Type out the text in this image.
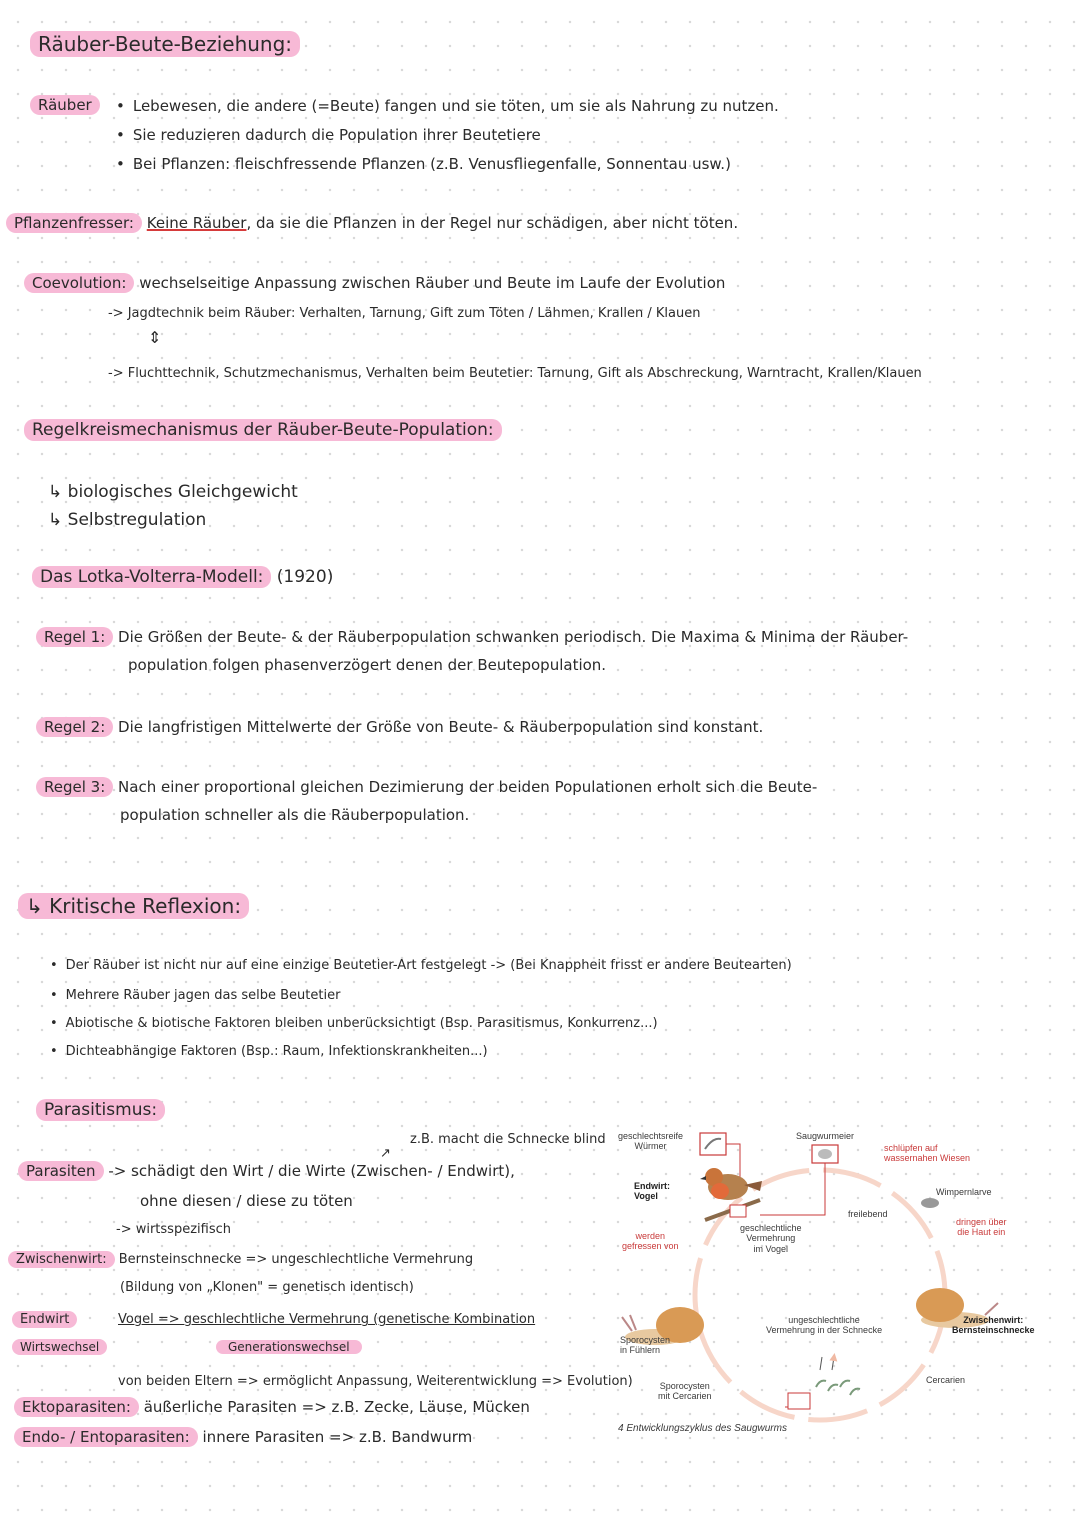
Räuber-Beute-Beziehung:
Räuber
•	Lebewesen, die andere (=Beute) fangen und sie töten, um sie als Nahrung zu nutzen.
• Sie reduzieren dadurch die Population ihrer Beutetiere
• Bei Pflanzen: fleischfressende Pflanzen (z.B. Venusfliegenfalle, Sonnentau usw.)
Pflanzenfresser: Keine Räuber, da sie die Pflanzen in der Regel nur schädigen, aber nicht töten.
Coevolution: wechselseitige Anpassung zwischen Räuber und Beute im Laufe der Evolution
-> Jagdtechnik beim Räuber: Verhalten, Tarnung, Gift zum Töten / Lähmen, Krallen / Klauen
⇕
-> Fluchttechnik, Schutzmechanismus, Verhalten beim Beutetier: Tarnung, Gift als Abschreckung, Warntracht, Krallen/Klauen
Regelkreismechanismus der Räuber-Beute-Population:
↳ biologisches Gleichgewicht
↳ Selbstregulation
Das Lotka-Volterra-Modell: (1920)
Regel 1: Die Größen der Beute- & der Räuberpopulation schwanken periodisch. Die Maxima & Minima der Räuber-
population folgen phasenverzögert denen der Beutepopulation.
Regel 2: Die langfristigen Mittelwerte der Größe von Beute- & Räuberpopulation sind konstant.
Regel 3: Nach einer proportional gleichen Dezimierung der beiden Populationen erholt sich die Beute-
population schneller als die Räuberpopulation.
↳ Kritische Reflexion:
• Der Räuber ist nicht nur auf eine einzige Beutetier-Art festgelegt -> (Bei Knappheit frisst er andere Beutearten)
• Mehrere Räuber jagen das selbe Beutetier
• Abiotische & biotische Faktoren bleiben unberücksichtigt (Bsp. Parasitismus, Konkurrenz...)
• Dichteabhängige Faktoren (Bsp.: Raum, Infektionskrankheiten...)
Parasitismus:
z.B. macht die Schnecke blind
↗
Parasiten -> schädigt den Wirt / die Wirte (Zwischen- / Endwirt),
ohne diesen / diese zu töten
-> wirtsspezifisch
Zwischenwirt: Bernsteinschnecke => ungeschlechtliche Vermehrung
(Bildung von „Klonen" = genetisch identisch)
Endwirt
Wirtswechsel
Vogel => geschlechtliche Vermehrung (genetische Kombination
Generationswechsel
von beiden Eltern => ermöglicht Anpassung, Weiterentwicklung => Evolution)
Ektoparasiten: äußerliche Parasiten => z.B. Zecke, Läuse, Mücken
Endo- / Entoparasiten: innere Parasiten => z.B. Bandwurm
geschlechtsreife
Würmer
Saugwurmeier
schlüpfen auf
wassernahen Wiesen
Endwirt:
Vogel	Wimpernlarve
freilebend
werden
gefressen von
geschlechtliche
Vermehrung
im Vogel
dringen über
die Haut ein
ungeschlechtliche
Vermehrung in der Schnecke
Zwischenwirt:
Bernsteinschnecke
Sporocysten
in Fühlern
Cercarien
Sporocysten
mit Cercarien
4 Entwicklungszyklus des Saugwurms
